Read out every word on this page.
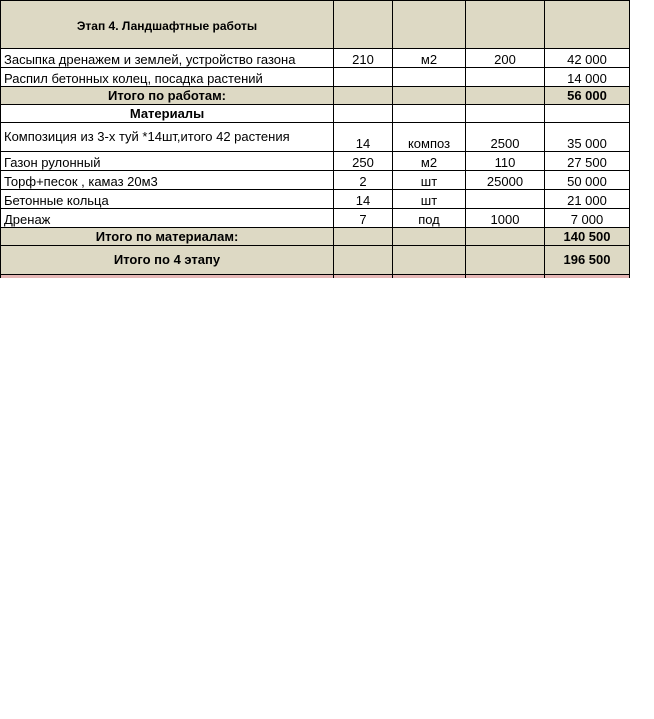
Этап 4. Ландшафтные работы				
Засыпка дренажем и землей, устройство газона	210	м2	200	42 000
Распил бетонных колец, посадка растений				14 000
Итого по работам:				56 000
Материалы				
Композиция из 3-х туй *14шт,итого 42 растения	14	композ	2500	35 000
Газон рулонный	250	м2	110	27 500
Торф+песок , камаз 20м3	2	шт	25000	50 000
Бетонные кольца	14	шт		21 000
Дренаж	7	под	1000	7 000
Итого по материалам:				140 500
Итого по 4 этапу				196 500
